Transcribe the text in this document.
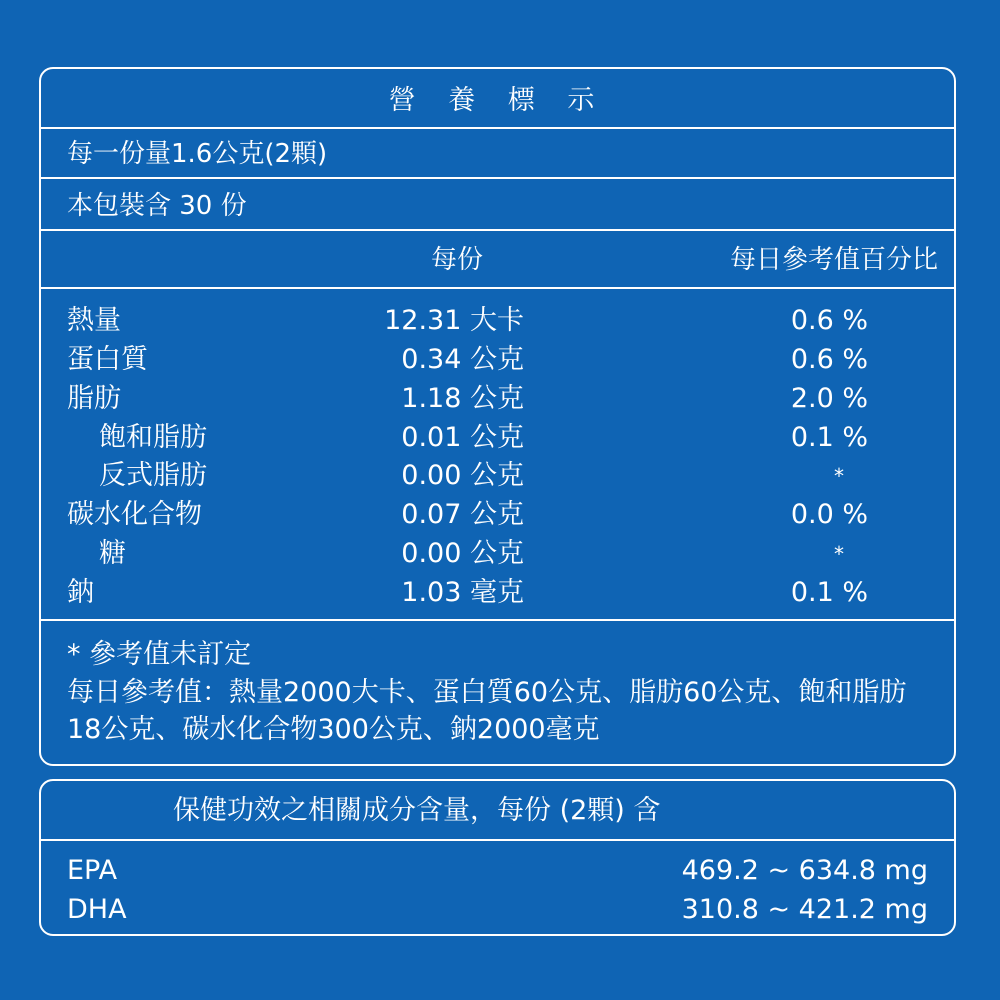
營 養 標 示
每一份量1.6公克(2顆)
本包裝含 30 份
每份	每日參考值百分比
熱量	12.31 大卡	0.6 %
蛋白質	0.34 公克	0.6 %
脂肪	1.18 公克	2.0 %
飽和脂肪	0.01 公克	0.1 %
反式脂肪	0.00 公克	*
碳水化合物	0.07 公克	0.0 %
糖	0.00 公克	*
鈉	1.03 毫克	0.1 %
* 參考值未訂定
每日參考值：熱量2000大卡、蛋白質60公克、脂肪60公克、飽和脂肪
18公克、碳水化合物300公克、鈉2000毫克
保健功效之相關成分含量，每份 (2顆) 含
EPA	469.2 ~ 634.8 mg
DHA	310.8 ~ 421.2 mg
